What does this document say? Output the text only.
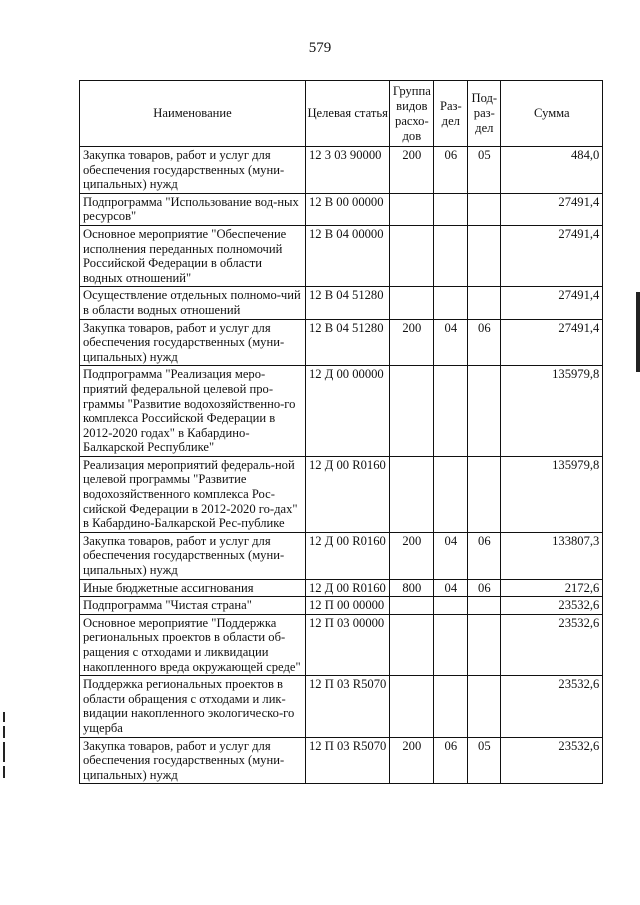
579
Наименование	Целевая статья	Группа видов расхо-дов	Раз-дел	Под-раз-дел	Сумма
Закупка товаров, работ и услуг для обеспечения государственных (муни-ципальных) нужд	12 3 03 90000	200	06	05	484,0
Подпрограмма "Использование вод-ных ресурсов"	12 В 00 00000				27491,4
Основное мероприятие "Обеспечение исполнения переданных полномочий Российской Федерации в области водных отношений"	12 В 04 00000				27491,4
Осуществление отдельных полномо-чий в области водных отношений	12 В 04 51280				27491,4
Закупка товаров, работ и услуг для обеспечения государственных (муни-ципальных) нужд	12 В 04 51280	200	04	06	27491,4
Подпрограмма "Реализация меро-приятий федеральной целевой про-граммы "Развитие водохозяйственно-го комплекса Российской Федерации в 2012-2020 годах" в Кабардино-Балкарской Республике"	12 Д 00 00000				135979,8
Реализация мероприятий федераль-ной целевой программы "Развитие водохозяйственного комплекса Рос-сийской Федерации в 2012-2020 го-дах" в Кабардино-Балкарской Рес-публике	12 Д 00 R0160				135979,8
Закупка товаров, работ и услуг для обеспечения государственных (муни-ципальных) нужд	12 Д 00 R0160	200	04	06	133807,3
Иные бюджетные ассигнования	12 Д 00 R0160	800	04	06	2172,6
Подпрограмма "Чистая страна"	12 П 00 00000				23532,6
Основное мероприятие "Поддержка региональных проектов в области об-ращения с отходами и ликвидации накопленного вреда окружающей среде"	12 П 03 00000				23532,6
Поддержка региональных проектов в области обращения с отходами и лик-видации накопленного экологическо-го ущерба	12 П 03 R5070				23532,6
Закупка товаров, работ и услуг для обеспечения государственных (муни-ципальных) нужд	12 П 03 R5070	200	06	05	23532,6
